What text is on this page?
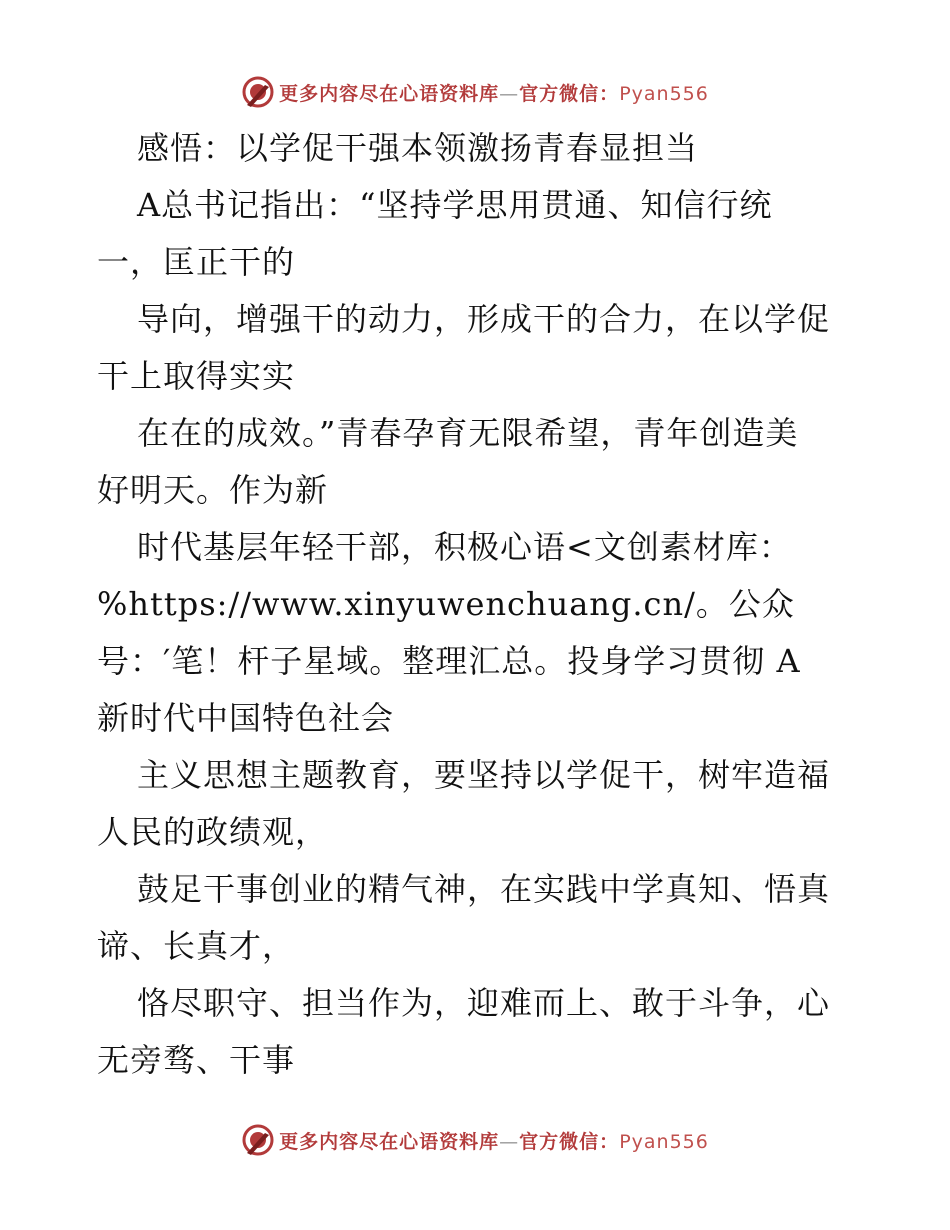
更多内容尽在心语资料库—官方微信：Pyan556
感悟：以学促干强本领激扬青春显担当
A总书记指出：“坚持学思用贯通、知信行统
一，匡正干的
导向，增强干的动力，形成干的合力，在以学促
干上取得实实
在在的成效。”青春孕育无限希望，青年创造美
好明天。作为新
时代基层年轻干部，积极心语<文创素材库：
%https://www.xinyuwenchuang.cn/。公众
号：′笔！杆子星域。整理汇总。投身学习贯彻 A
新时代中国特色社会
主义思想主题教育，要坚持以学促干，树牢造福
人民的政绩观，
鼓足干事创业的精气神，在实践中学真知、悟真
谛、长真才，
恪尽职守、担当作为，迎难而上、敢于斗争，心
无旁骛、干事
更多内容尽在心语资料库—官方微信：Pyan556
